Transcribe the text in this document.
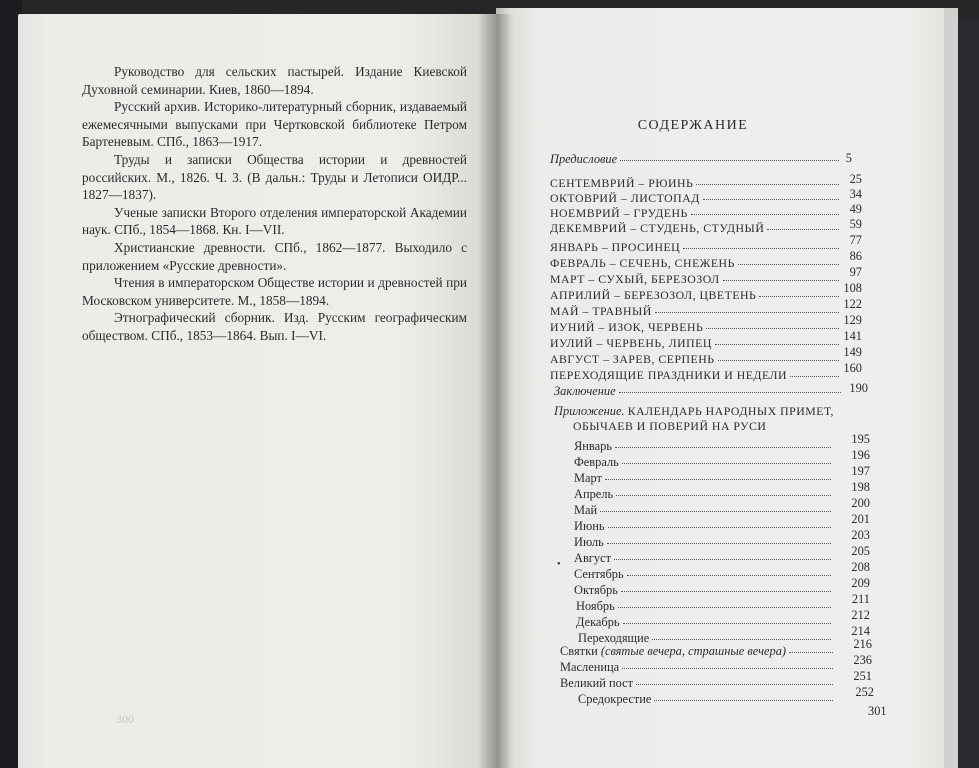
Руководство для сельских пастырей. Издание Киевской Духовной семинарии. Киев, 1860—1894.

Русский архив. Историко-литературный сборник, издаваемый ежемесячными выпусками при Чертковской библиотеке Петром Бартеневым. СПб., 1863—1917.

Труды и записки Общества истории и древностей российских. М., 1826. Ч. 3. (В дальн.: Труды и Летописи ОИДР... 1827—1837).

Ученые записки Второго отделения императорской Академии наук. СПб., 1854—1868. Кн. I—VII.

Христианские древности. СПб., 1862—1877. Выходило с приложением «Русские древности».

Чтения в императорском Обществе истории и древностей при Московском университете. М., 1858—1894.

Этнографический сборник. Изд. Русским географическим обществом. СПб., 1853—1864. Вып. I—VI.

300
СОДЕРЖАНИЕ
Предисловие	5
СЕНТЕМВРИЙ – РЮИНЬ	25
ОКТОВРИЙ – ЛИСТОПАД	34
НОЕМВРИЙ – ГРУДЕНЬ	49
ДЕКЕМВРИЙ – СТУДЕНЬ, СТУДНЫЙ	59
ЯНВАРЬ – ПРОСИНЕЦ	77
ФЕВРАЛЬ – СЕЧЕНЬ, СНЕЖЕНЬ	86
МАРТ – СУХЫЙ, БЕРЕЗОЗОЛ	97
АПРИЛИЙ – БЕРЕЗОЗОЛ, ЦВЕТЕНЬ	108
МАЙ – ТРАВНЫЙ	122
ИУНИЙ – ИЗОК, ЧЕРВЕНЬ	129
ИУЛИЙ – ЧЕРВЕНЬ, ЛИПЕЦ	141
АВГУСТ – ЗАРЕВ, СЕРПЕНЬ	149
ПЕРЕХОДЯЩИЕ ПРАЗДНИКИ И НЕДЕЛИ	160
Заключение	190
Приложение.
КАЛЕНДАРЬ НАРОДНЫХ ПРИМЕТ,
ОБЫЧАЕВ И ПОВЕРИЙ НА РУСИ
Январь	195
Февраль	196
Март	197
Апрель	198
Май	200
Июнь	201
Июль	203
Август	205
•
Сентябрь	208
Октябрь	209
Ноябрь	211
Декабрь	212
Переходящие	214
Святки
(святые вечера, страшные вечера)	216
Масленица	236
Великий пост	251
Средокрестие	252
301
